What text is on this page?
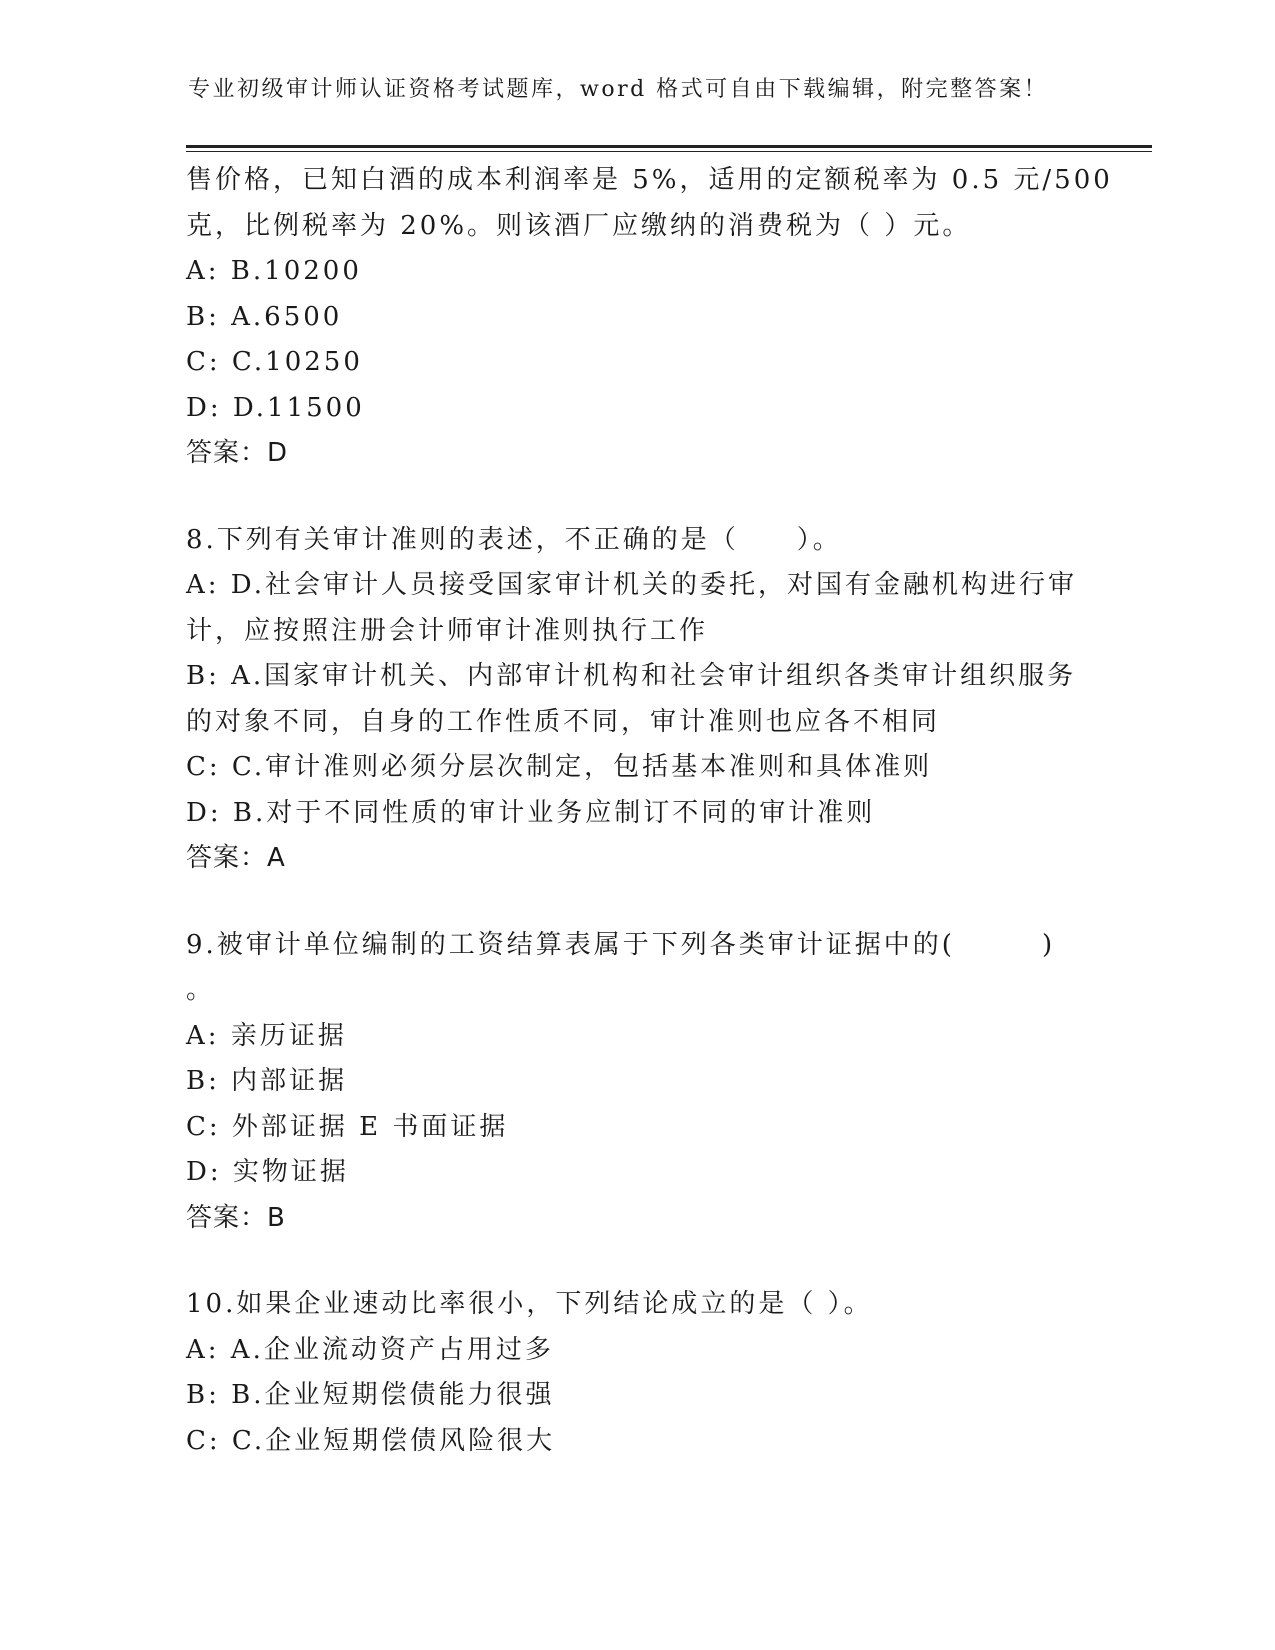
专业初级审计师认证资格考试题库，word 格式可自由下载编辑，附完整答案！
售价格，已知白酒的成本利润率是 5%，适用的定额税率为 0.5 元/500
克，比例税率为 20%。则该酒厂应缴纳的消费税为（ ）元。
A: B.10200
B: A.6500
C: C.10250
D: D.11500
答案：D
8.下列有关审计准则的表述，不正确的是（　　）。
A: D.社会审计人员接受国家审计机关的委托，对国有金融机构进行审
计，应按照注册会计师审计准则执行工作
B: A.国家审计机关、内部审计机构和社会审计组织各类审计组织服务
的对象不同，自身的工作性质不同，审计准则也应各不相同
C: C.审计准则必须分层次制定，包括基本准则和具体准则
D: B.对于不同性质的审计业务应制订不同的审计准则
答案：A
9.被审计单位编制的工资结算表属于下列各类审计证据中的(　　　)
。
A: 亲历证据
B: 内部证据
C: 外部证据 E 书面证据
D: 实物证据
答案：B
10.如果企业速动比率很小，下列结论成立的是（ ）。
A: A.企业流动资产占用过多
B: B.企业短期偿债能力很强
C: C.企业短期偿债风险很大
